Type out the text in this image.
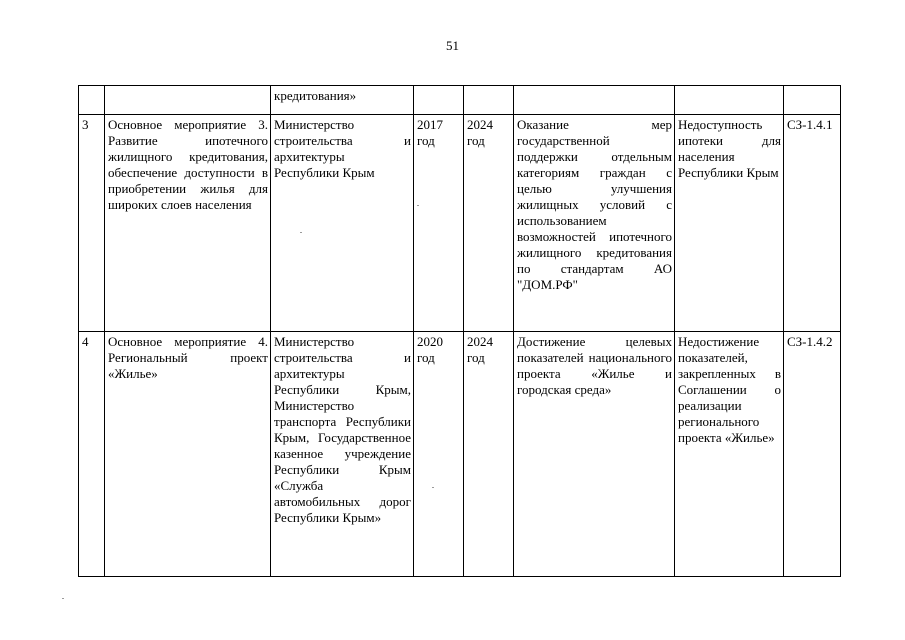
51
		кредитования»					
3	Основное мероприятие 3. Развитие ипотечного жилищного кредитования, обеспечение доступности в приобретении жилья для широких слоев населения	Министерство строительства и архитектуры Республики Крым	2017 год	2024 год	Оказание мер государственной поддержки отдельным категориям граждан с целью улучшения жилищных условий с использованием возможностей ипотечного жилищного кредитования по стандартам АО "ДОМ.РФ"	Недоступность ипотеки для населения Республики Крым	СЗ-1.4.1
4	Основное мероприятие 4. Региональный проект «Жилье»	Министерство строительства и архитектуры Республики Крым, Министерство транспорта Республики Крым, Государственное казенное учреждение Республики Крым «Служба автомобильных дорог Республики Крым»	2020 год	2024 год	Достижение целевых показателей национального проекта «Жилье и городская среда»	Недостижение показателей, закрепленных в Соглашении о реализации регионального проекта «Жилье»	СЗ-1.4.2
